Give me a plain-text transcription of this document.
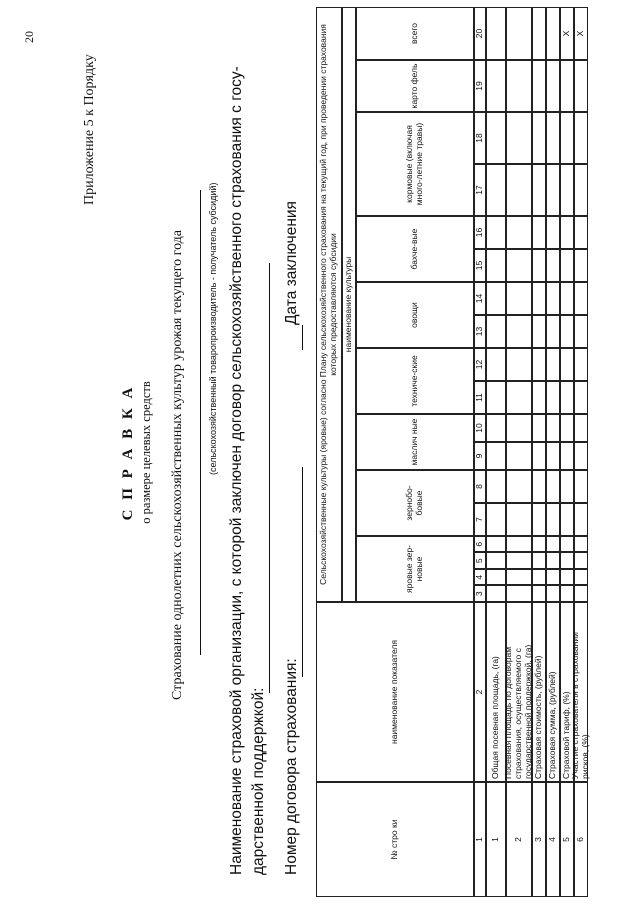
20
Приложение 5 к Порядку
С П Р А В К А о размере целевых средств Страхование однолетних сельскохозяйственных культур урожая текущего года	(сельскохозяйственный товаропроизводитель - получатель субсидий) Наименование страховой организации, с которой заключен договор сельскохозяйственного страхования с госу- дарственной поддержкой: Номер договора страхования:
Дата заключения
№ стро ки
наименование показателя
Сельскохозяйственные культуры (яровые) согласно Плану сельскохозяйственного страхования на текущий год, при проведении страхования которых предоставляются субсидии наименование культуры
яровые зер-новые
зернобо-бовые
маслич ные
техниче-ские
овощи
бахче-вые
кормовые (включая много-летние травы)
карто фель
всего
1
2
3
4
5
6
7
8
9
10
11
12
13
14
15
16
17
18
19
20
1
Общая посевная площадь, (га)
2
Посевная площадь по договорам страхования, осуществляемого с государственной поддержкой, (га)
3
Страховая стоимость, (рублей)
4
Страховая сумма, (рублей)
5
Страховой тариф, (%)
X
6
Участие страхователя в страховании рисков, (%)
X
